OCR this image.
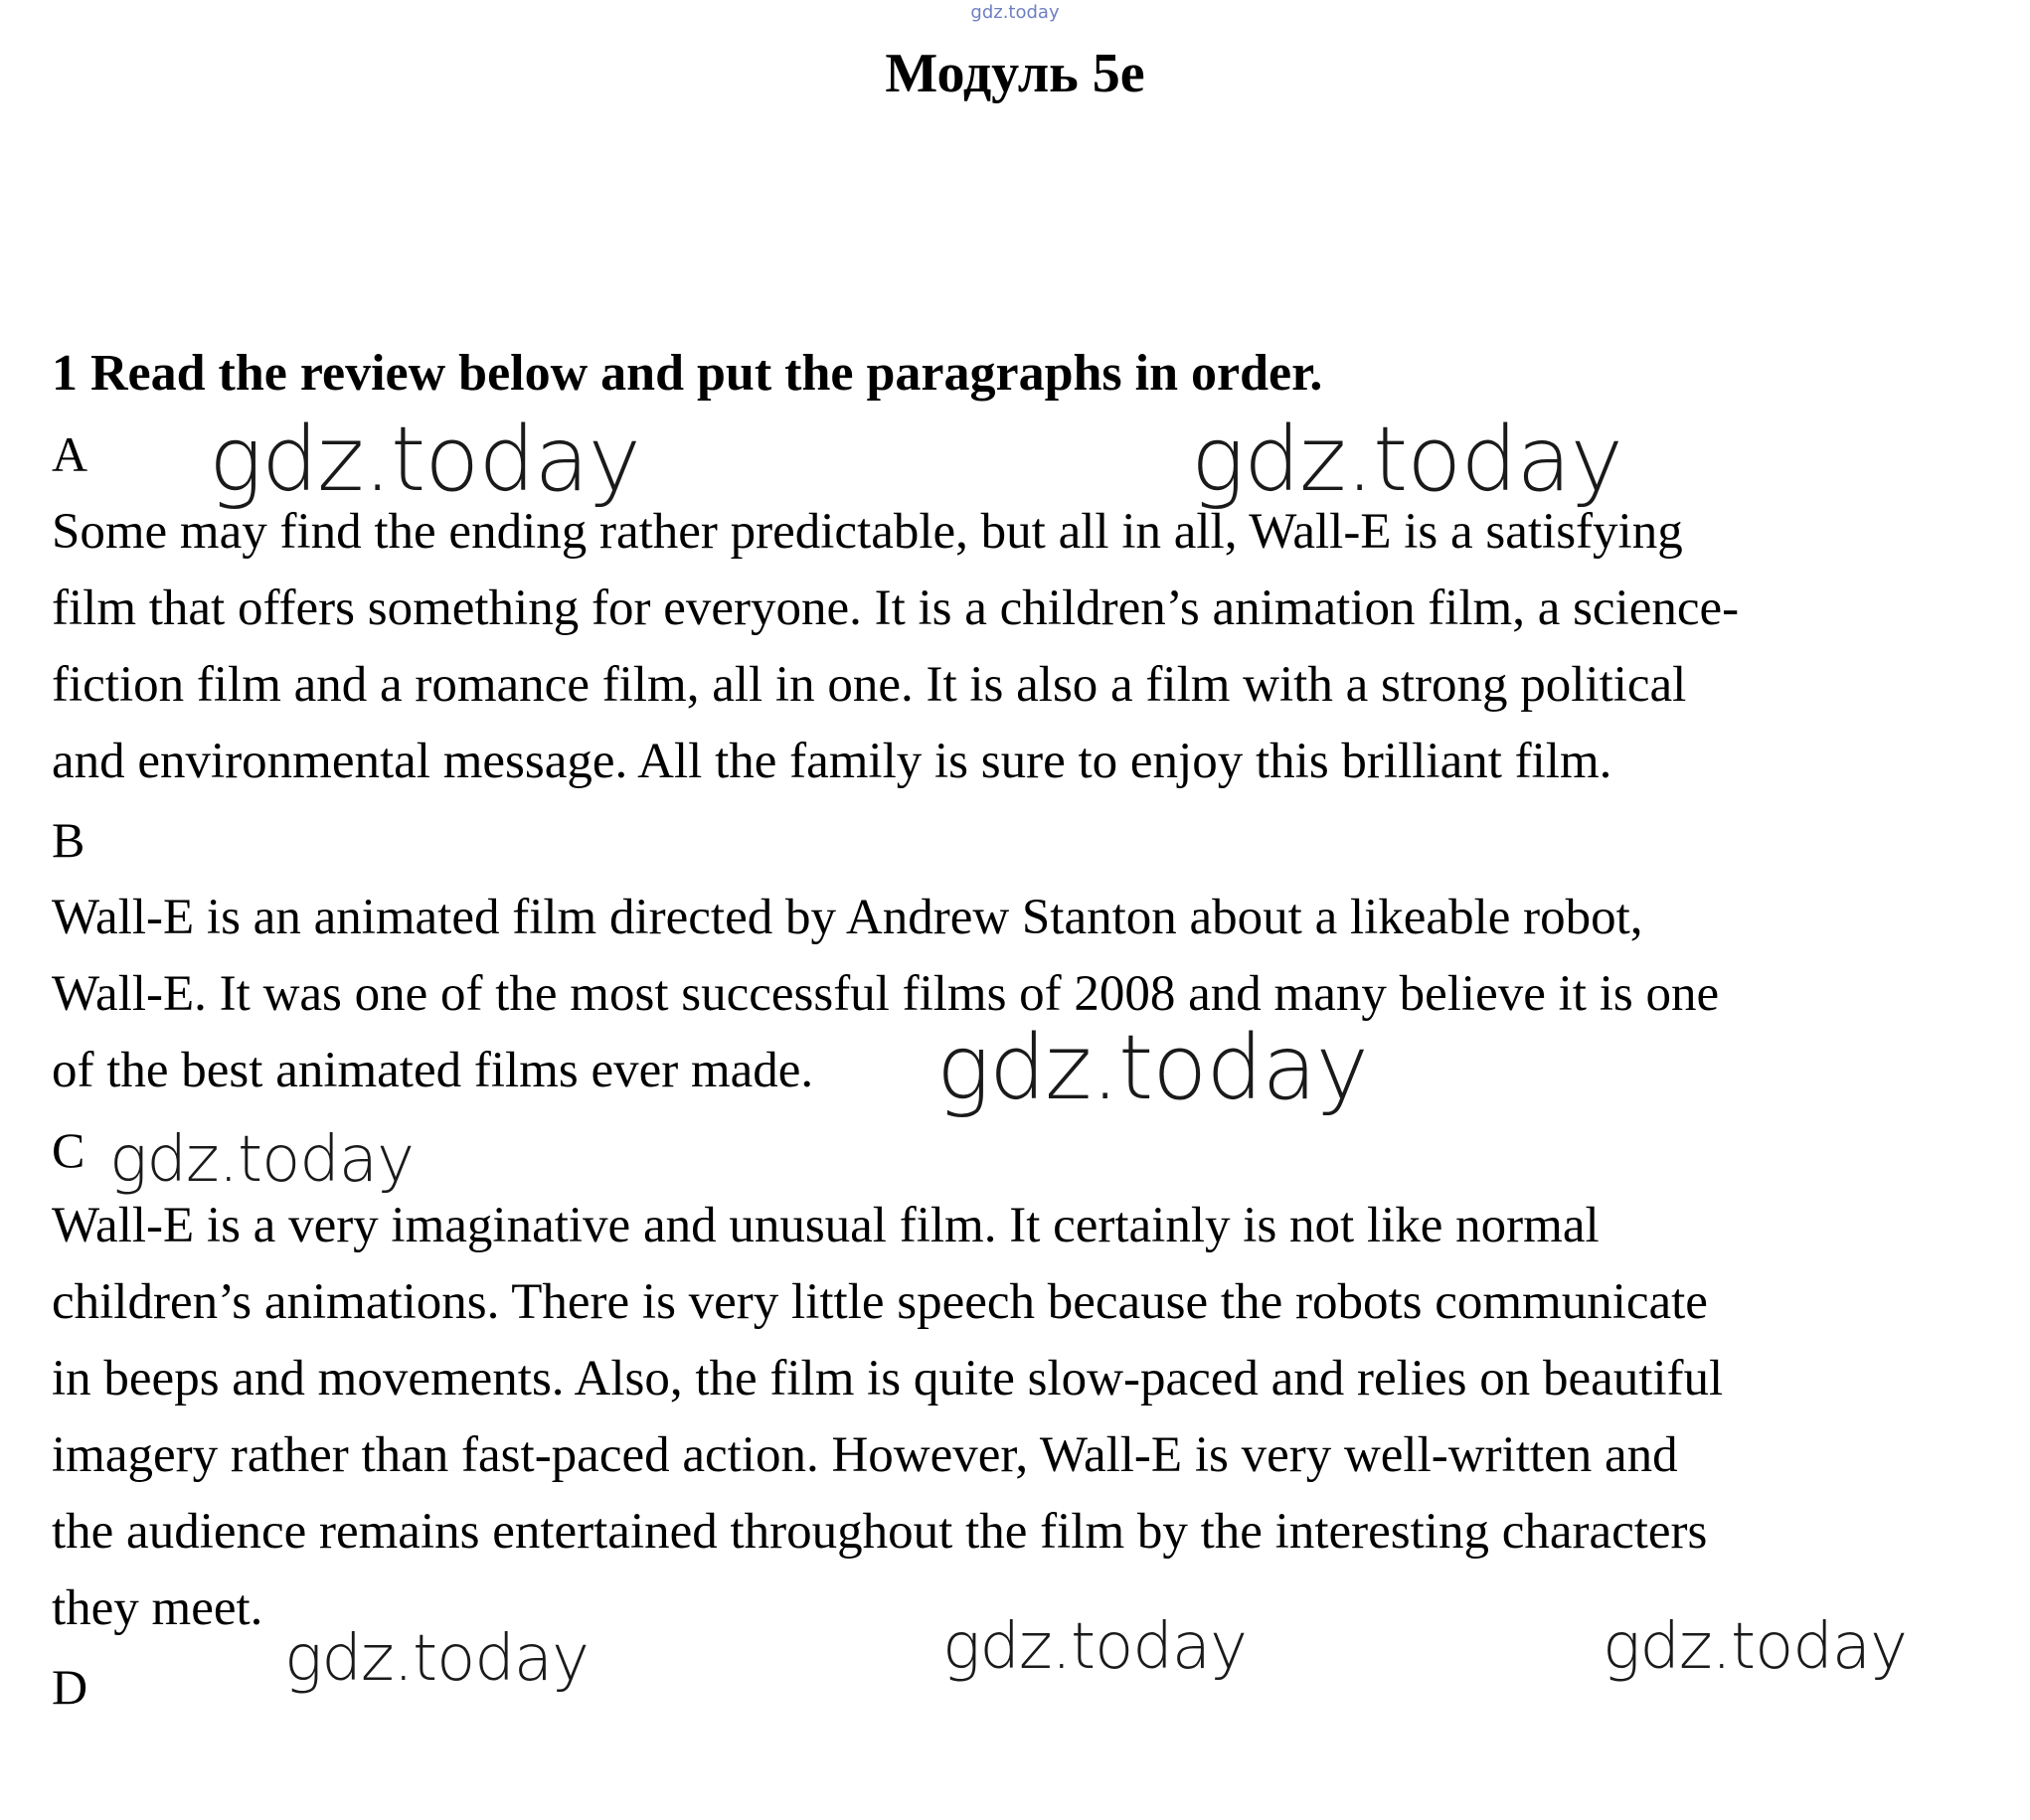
gdz.today
Модуль 5e
1 Read the review below and put the paragraphs in order.
A
Some may find the ending rather predictable, but all in all, Wall-E is a satisfying
film that offers something for everyone. It is a children’s animation film, a science-
fiction film and a romance film, all in one. It is also a film with a strong political
and environmental message. All the family is sure to enjoy this brilliant film.
B
Wall-E is an animated film directed by Andrew Stanton about a likeable robot,
Wall-E. It was one of the most successful films of 2008 and many believe it is one
of the best animated films ever made.
C
Wall-E is a very imaginative and unusual film. It certainly is not like normal
children’s animations. There is very little speech because the robots communicate
in beeps and movements. Also, the film is quite slow-paced and relies on beautiful
imagery rather than fast-paced action. However, Wall-E is very well-written and
the audience remains entertained throughout the film by the interesting characters
they meet.
D
gdz.today	gdz.today
gdz.today
gdz.today
gdz.today	gdz.today	gdz.today
